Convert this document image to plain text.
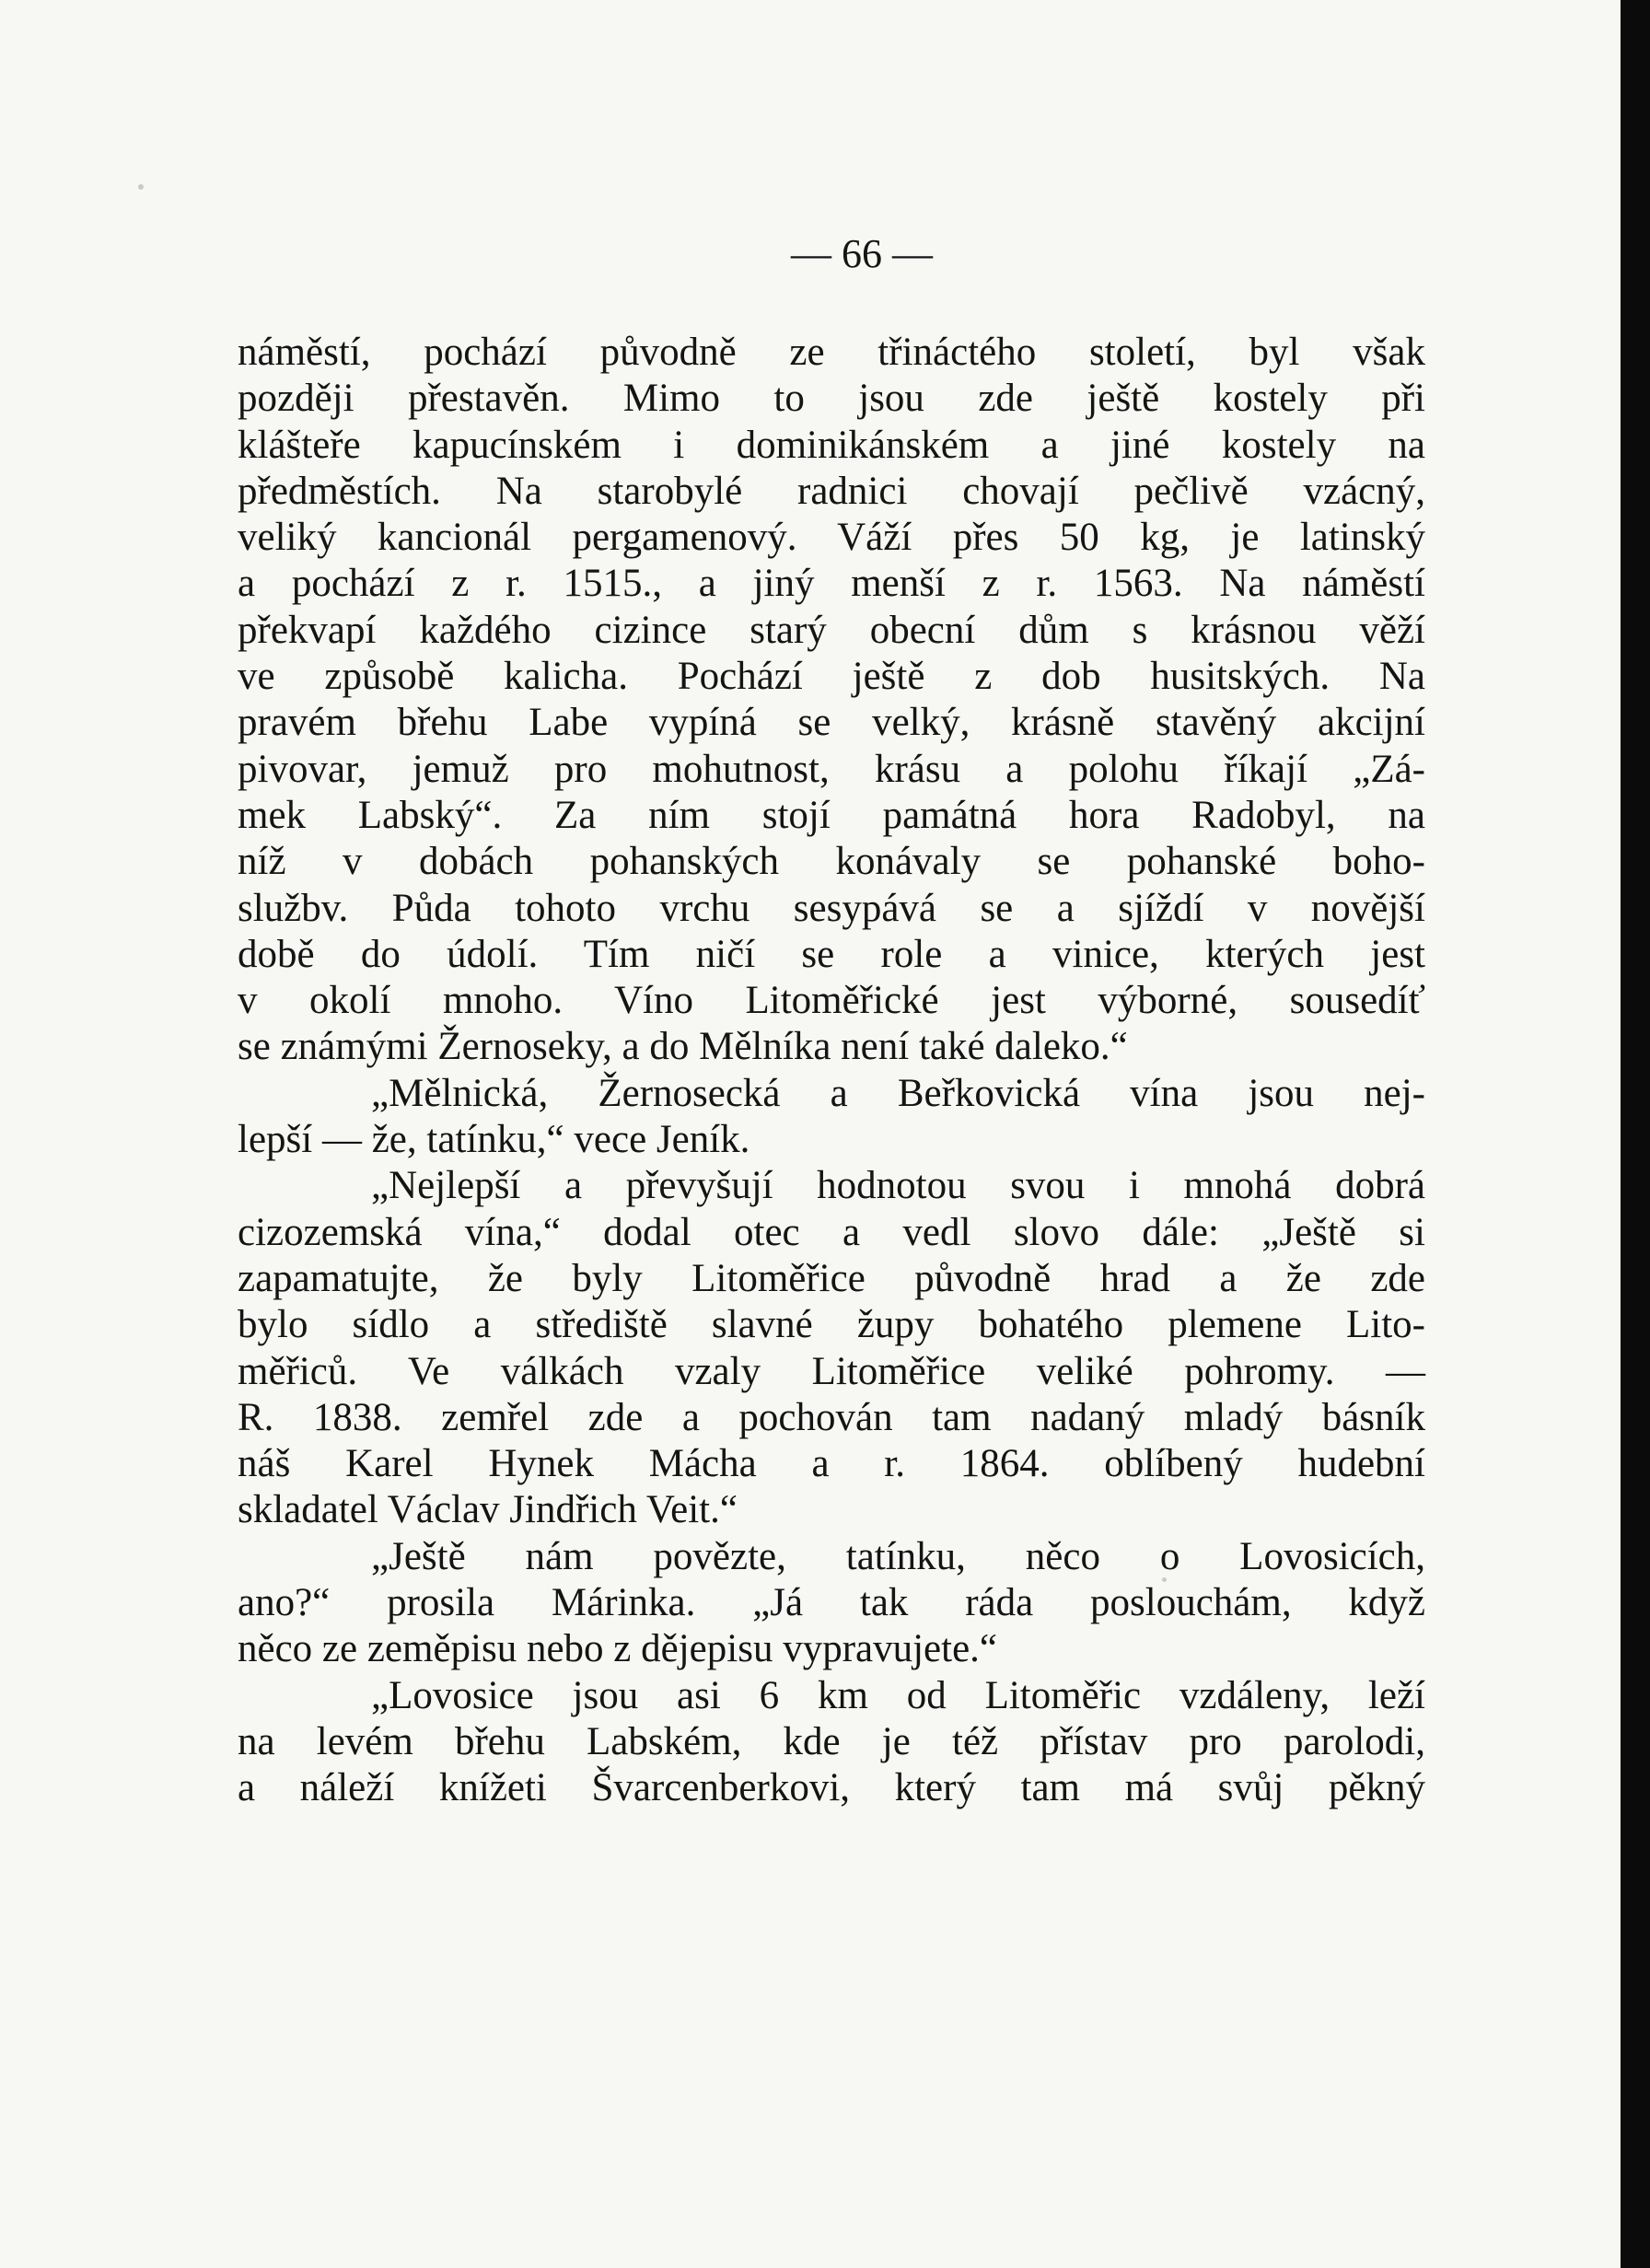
— 66 —
náměstí, pochází původně ze třináctého století, byl však
později přestavěn. Mimo to jsou zde ještě kostely při
klášteře kapucínském i dominikánském a jiné kostely na
předměstích. Na starobylé radnici chovají pečlivě vzácný,
veliký kancionál pergamenový. Váží přes 50 kg, je latinský
a pochází z r. 1515., a jiný menší z r. 1563. Na náměstí
překvapí každého cizince starý obecní dům s krásnou věží
ve způsobě kalicha. Pochází ještě z dob husitských. Na
pravém břehu Labe vypíná se velký, krásně stavěný akcijní
pivovar, jemuž pro mohutnost, krásu a polohu říkají „Zá-
mek Labský“. Za ním stojí památná hora Radobyl, na
níž v dobách pohanských konávaly se pohanské boho-
službv. Půda tohoto vrchu sesypává se a sjíždí v novější
době do údolí. Tím ničí se role a vinice, kterých jest
v okolí mnoho. Víno Litoměřické jest výborné, sousedíť
se známými Žernoseky, a do Mělníka není také daleko.“
„Mělnická, Žernosecká a Beřkovická vína jsou nej-
lepší — že, tatínku,“ vece Jeník.
„Nejlepší a převyšují hodnotou svou i mnohá dobrá
cizozemská vína,“ dodal otec a vedl slovo dále: „Ještě si
zapamatujte, že byly Litoměřice původně hrad a že zde
bylo sídlo a střediště slavné župy bohatého plemene Lito-
měřiců. Ve válkách vzaly Litoměřice veliké pohromy. —
R. 1838. zemřel zde a pochován tam nadaný mladý básník
náš Karel Hynek Mácha a r. 1864. oblíbený hudební
skladatel Václav Jindřich Veit.“
„Ještě nám povězte, tatínku, něco o Lovosicích,
ano?“ prosila Márinka. „Já tak ráda poslouchám, když
něco ze zeměpisu nebo z dějepisu vypravujete.“
„Lovosice jsou asi 6 km od Litoměřic vzdáleny, leží
na levém břehu Labském, kde je též přístav pro parolodi,
a náleží knížeti Švarcenberkovi, který tam má svůj pěkný
